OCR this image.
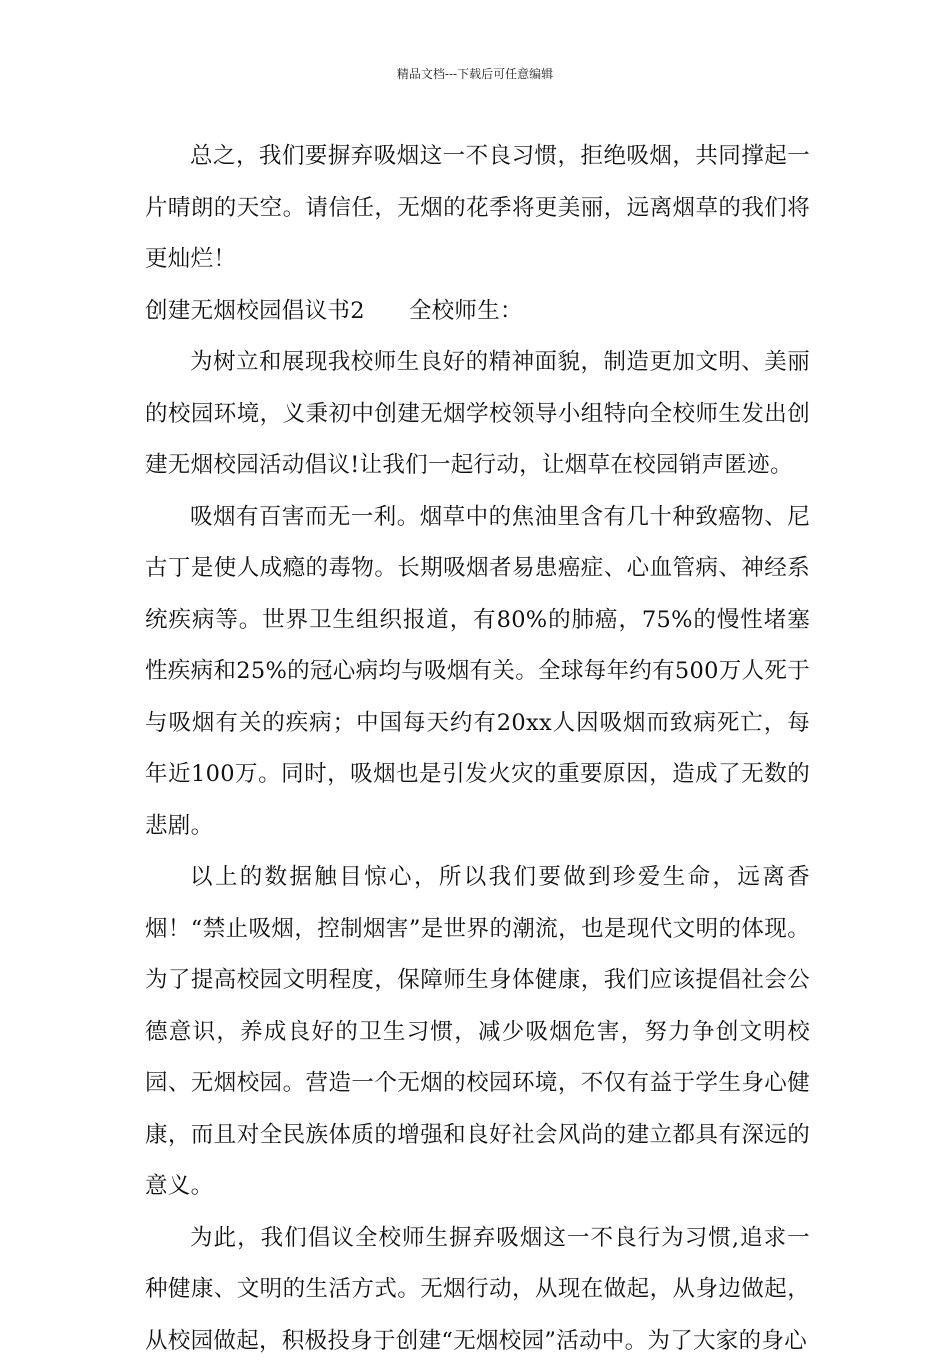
精品文档---下载后可任意编辑

总之，我们要摒弃吸烟这一不良习惯，拒绝吸烟，共同撑起一片晴朗的天空。请信任，无烟的花季将更美丽，远离烟草的我们将更灿烂！

创建无烟校园倡议书2 全校师生：

为树立和展现我校师生良好的精神面貌，制造更加文明、美丽的校园环境，义秉初中创建无烟学校领导小组特向全校师生发出创建无烟校园活动倡议!让我们一起行动，让烟草在校园销声匿迹。

吸烟有百害而无一利。烟草中的焦油里含有几十种致癌物、尼古丁是使人成瘾的毒物。长期吸烟者易患癌症、心血管病、神经系统疾病等。世界卫生组织报道，有80%的肺癌，75%的慢性堵塞性疾病和25%的冠心病均与吸烟有关。全球每年约有500万人死于与吸烟有关的疾病；中国每天约有20xx人因吸烟而致病死亡，每年近100万。同时，吸烟也是引发火灾的重要原因，造成了无数的悲剧。

以上的数据触目惊心，所以我们要做到珍爱生命，远离香烟！“禁止吸烟，控制烟害”是世界的潮流，也是现代文明的体现。为了提高校园文明程度，保障师生身体健康，我们应该提倡社会公德意识，养成良好的卫生习惯，减少吸烟危害，努力争创文明校园、无烟校园。营造一个无烟的校园环境，不仅有益于学生身心健康，而且对全民族体质的增强和良好社会风尚的建立都具有深远的意义。

为此，我们倡议全校师生摒弃吸烟这一不良行为习惯,追求一种健康、文明的生活方式。无烟行动，从现在做起，从身边做起，从校园做起，积极投身于创建“无烟校园”活动中。为了大家的身心
